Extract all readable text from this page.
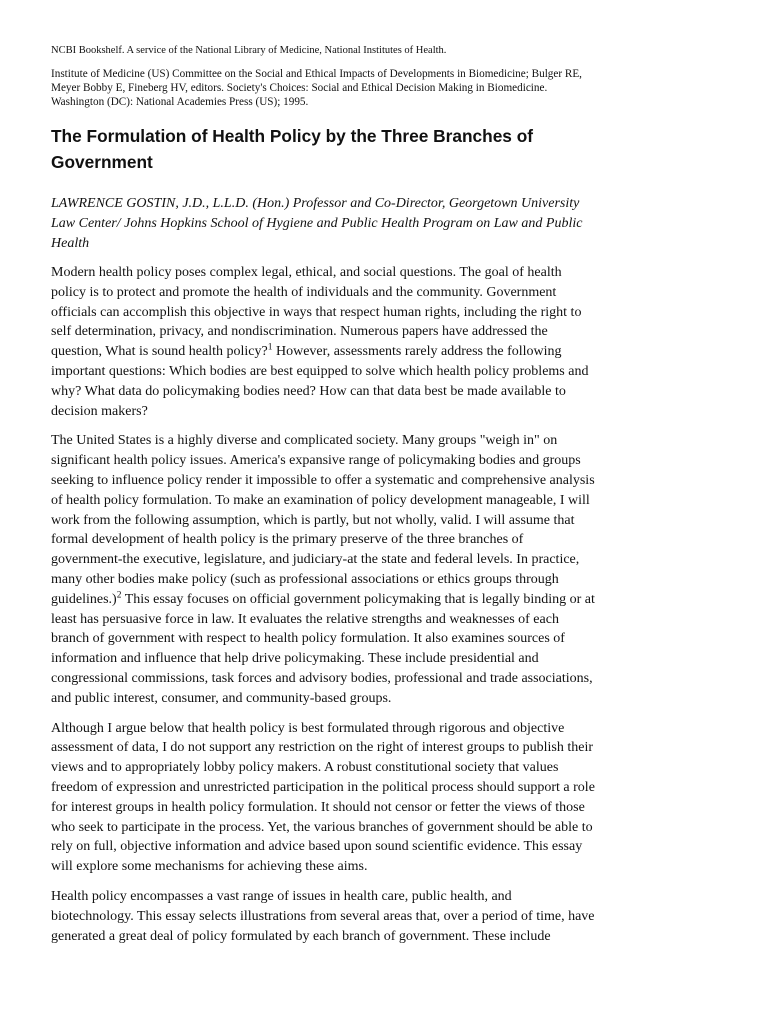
NCBI Bookshelf. A service of the National Library of Medicine, National Institutes of Health.
Institute of Medicine (US) Committee on the Social and Ethical Impacts of Developments in Biomedicine; Bulger RE, Meyer Bobby E, Fineberg HV, editors. Society's Choices: Social and Ethical Decision Making in Biomedicine. Washington (DC): National Academies Press (US); 1995.
The Formulation of Health Policy by the Three Branches of Government
LAWRENCE GOSTIN, J.D., L.L.D. (Hon.) Professor and Co-Director, Georgetown University Law Center/ Johns Hopkins School of Hygiene and Public Health Program on Law and Public Health

Modern health policy poses complex legal, ethical, and social questions. The goal of health policy is to protect and promote the health of individuals and the community. Government officials can accomplish this objective in ways that respect human rights, including the right to self determination, privacy, and nondiscrimination. Numerous papers have addressed the question, What is sound health policy?$^1$ However, assessments rarely address the following important questions: Which bodies are best equipped to solve which health policy problems and why? What data do policymaking bodies need? How can that data best be made available to decision makers?

The United States is a highly diverse and complicated society. Many groups "weigh in" on significant health policy issues. America's expansive range of policymaking bodies and groups seeking to influence policy render it impossible to offer a systematic and comprehensive analysis of health policy formulation. To make an examination of policy development manageable, I will work from the following assumption, which is partly, but not wholly, valid. I will assume that formal development of health policy is the primary preserve of the three branches of government-the executive, legislature, and judiciary-at the state and federal levels. In practice, many other bodies make policy (such as professional associations or ethics groups through guidelines.)$^2$ This essay focuses on official government policymaking that is legally binding or at least has persuasive force in law. It evaluates the relative strengths and weaknesses of each branch of government with respect to health policy formulation. It also examines sources of information and influence that help drive policymaking. These include presidential and congressional commissions, task forces and advisory bodies, professional and trade associations, and public interest, consumer, and community-based groups.

Although I argue below that health policy is best formulated through rigorous and objective assessment of data, I do not support any restriction on the right of interest groups to publish their views and to appropriately lobby policy makers. A robust constitutional society that values freedom of expression and unrestricted participation in the political process should support a role for interest groups in health policy formulation. It should not censor or fetter the views of those who seek to participate in the process. Yet, the various branches of government should be able to rely on full, objective information and advice based upon sound scientific evidence. This essay will explore some mechanisms for achieving these aims.

Health policy encompasses a vast range of issues in health care, public health, and biotechnology. This essay selects illustrations from several areas that, over a period of time, have generated a great deal of policy formulated by each branch of government. These include
